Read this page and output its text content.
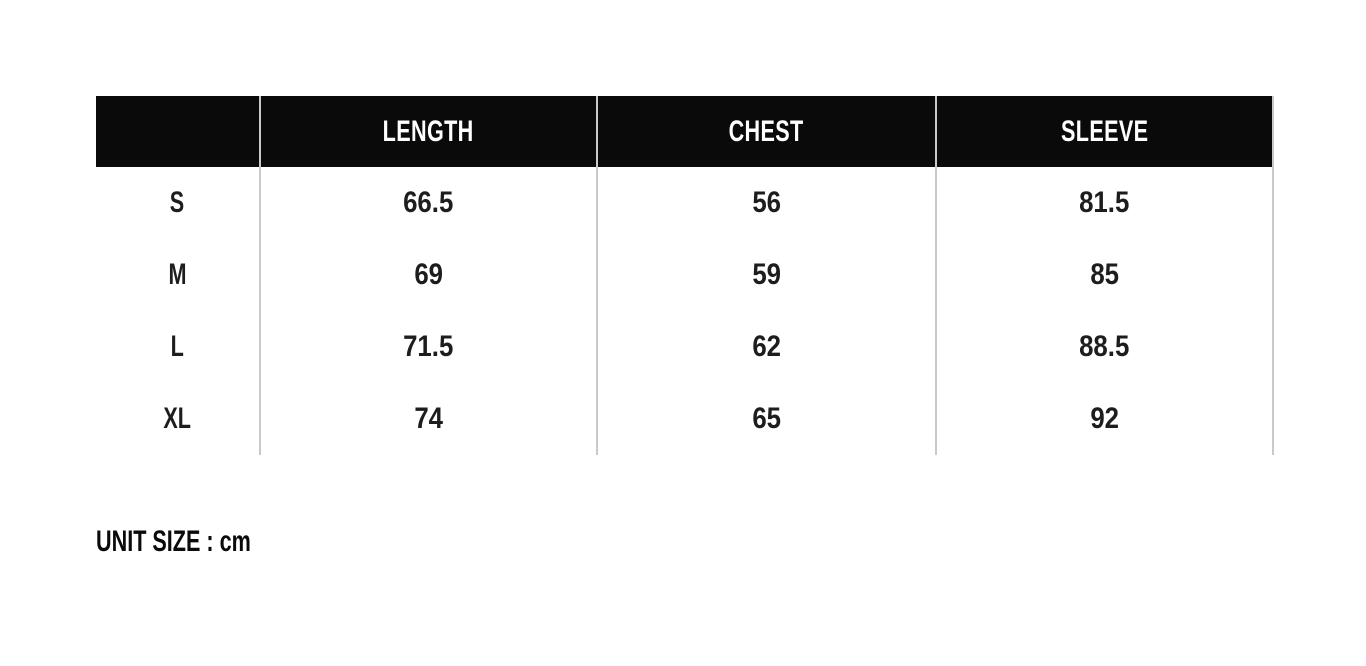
	LENGTH	CHEST	SLEEVE
S	66.5	56	81.5
M	69	59	85
L	71.5	62	88.5
XL	74	65	92
UNIT SIZE : cm
